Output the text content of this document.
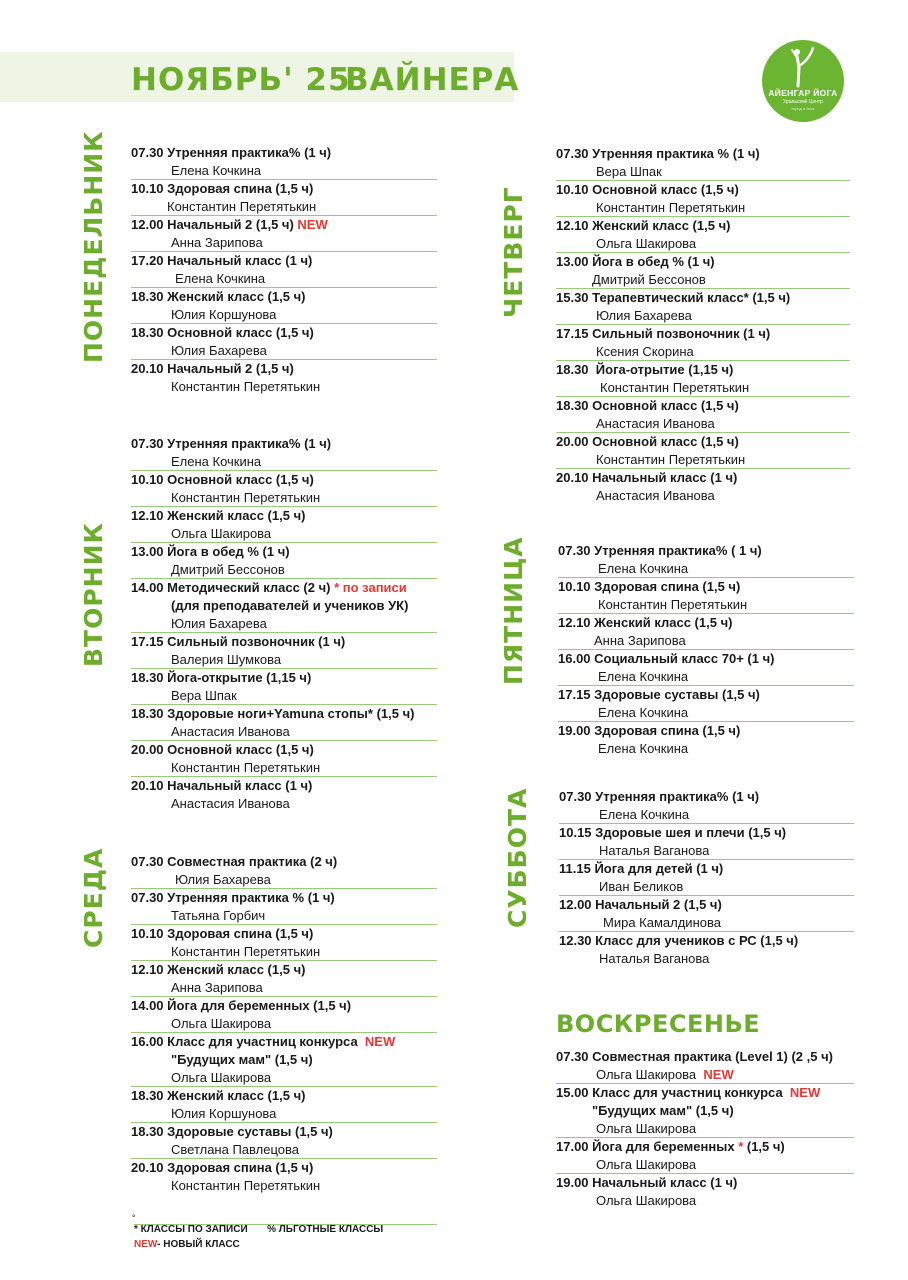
НОЯБРЬ' 25
ВАЙНЕРА	АЙЕНГАР ЙОГА
Уральский Центр
город и йога
ПОНЕДЕЛЬНИК
ВТОРНИК
СРЕДА
ЧЕТВЕРГ
ПЯТНИЦА
СУББОТА
ВОСКРЕСЕНЬЕ
07.30 Утренняя практика% (1 ч)
Елена Кочкина
10.10 Здоровая спина (1,5 ч)
Константин Перетятькин
12.00 Начальный 2 (1,5 ч) NEW
Анна Зарипова
17.20 Начальный класс (1 ч)
Елена Кочкина
18.30 Женский класс (1,5 ч)
Юлия Коршунова
18.30 Основной класс (1,5 ч)
Юлия Бахарева
20.10 Начальный 2 (1,5 ч)
Константин Перетятькин
07.30 Утренняя практика% (1 ч)
Елена Кочкина
10.10 Основной класс (1,5 ч)
Константин Перетятькин
12.10 Женский класс (1,5 ч)
Ольга Шакирова
13.00 Йога в обед % (1 ч)
Дмитрий Бессонов
14.00 Методический класс (2 ч) * по записи
(для преподавателей и учеников УК)
Юлия Бахарева
17.15 Сильный позвоночник (1 ч)
Валерия Шумкова
18.30 Йога-открытие (1,15 ч)
Вера Шпак
18.30 Здоровые ноги+Yamuna стопы* (1,5 ч)
Анастасия Иванова
20.00 Основной класс (1,5 ч)
Константин Перетятькин
20.10 Начальный класс (1 ч)
Анастасия Иванова
07.30 Совместная практика (2 ч)
Юлия Бахарева
07.30 Утренняя практика % (1 ч)
Татьяна Горбич
10.10 Здоровая спина (1,5 ч)
Константин Перетятькин
12.10 Женский класс (1,5 ч)
Анна Зарипова
14.00 Йога для беременных (1,5 ч)
Ольга Шакирова
16.00 Класс для участниц конкурса NEW
"Будущих мам" (1,5 ч)
Ольга Шакирова
18.30 Женский класс (1,5 ч)
Юлия Коршунова
18.30 Здоровые суставы (1,5 ч)
Светлана Павлецова
20.10 Здоровая спина (1,5 ч)
Константин Перетятькин
07.30 Утренняя практика % (1 ч)
Вера Шпак
10.10 Основной класс (1,5 ч)
Константин Перетятькин
12.10 Женский класс (1,5 ч)
Ольга Шакирова
13.00 Йога в обед % (1 ч)
Дмитрий Бессонов
15.30 Терапевтический класс* (1,5 ч)
Юлия Бахарева
17.15 Сильный позвоночник (1 ч)
Ксения Скорина
18.30 Йога-отрытие (1,15 ч)
Константин Перетятькин
18.30 Основной класс (1,5 ч)
Анастасия Иванова
20.00 Основной класс (1,5 ч)
Константин Перетятькин
20.10 Начальный класс (1 ч)
Анастасия Иванова
07.30 Утренняя практика% ( 1 ч)
Елена Кочкина
10.10 Здоровая спина (1,5 ч)
Константин Перетятькин
12.10 Женский класс (1,5 ч)
Анна Зарипова
16.00 Социальный класс 70+ (1 ч)
Елена Кочкина
17.15 Здоровые суставы (1,5 ч)
Елена Кочкина
19.00 Здоровая спина (1,5 ч)
Елена Кочкина
07.30 Утренняя практика% (1 ч)
Елена Кочкина
10.15 Здоровые шея и плечи (1,5 ч)
Наталья Ваганова
11.15 Йога для детей (1 ч)
Иван Беликов
12.00 Начальный 2 (1,5 ч)
Мира Камалдинова
12.30 Класс для учеников с РС (1,5 ч)
Наталья Ваганова
07.30 Совместная практика (Level 1) (2 ,5 ч)
Ольга Шакирова NEW
15.00 Класс для участниц конкурса NEW
"Будущих мам" (1,5 ч)
Ольга Шакирова
17.00 Йога для беременных * (1,5 ч)
Ольга Шакирова
19.00 Начальный класс (1 ч)
Ольга Шакирова
°
* КЛАССЫ ПО ЗАПИСИ % ЛЬГОТНЫЕ КЛАССЫ
NEW- НОВЫЙ КЛАСС
